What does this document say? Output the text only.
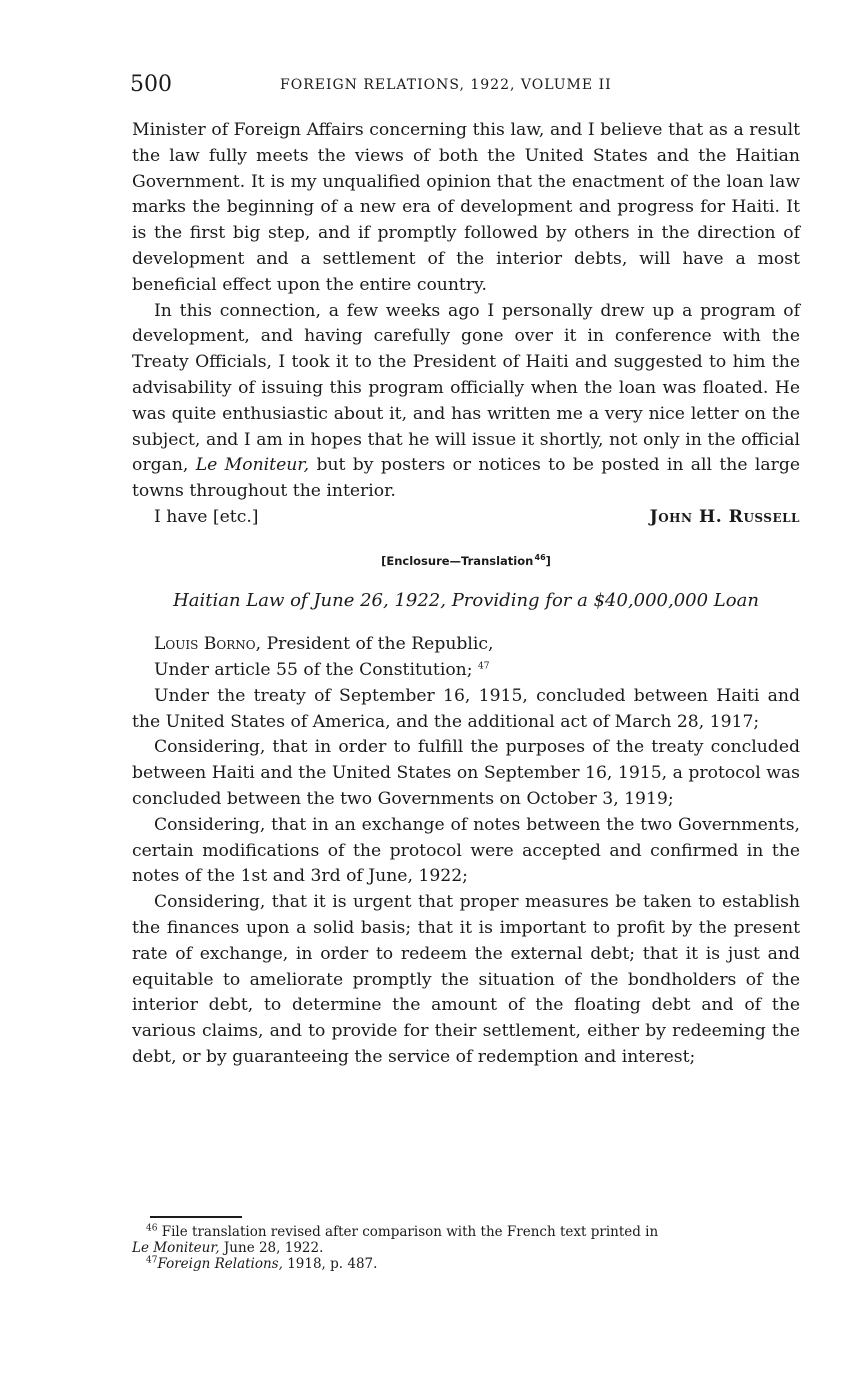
500	FOREIGN RELATIONS, 1922, VOLUME II

Minister of Foreign Affairs concerning this law, and I believe that as a result the law fully meets the views of both the United States and the Haitian Government. It is my unqualified opinion that the enactment of the loan law marks the beginning of a new era of development and progress for Haiti. It is the first big step, and if promptly followed by others in the direction of development and a settlement of the interior debts, will have a most beneficial effect upon the entire country.

In this connection, a few weeks ago I personally drew up a program of development, and having carefully gone over it in conference with the Treaty Officials, I took it to the President of Haiti and suggested to him the advisability of issuing this program officially when the loan was floated. He was quite enthusiastic about it, and has written me a very nice letter on the subject, and I am in hopes that he will issue it shortly, not only in the official organ, Le Moniteur, but by posters or notices to be posted in all the large towns throughout the interior.

I have [etc.]	John H. Russell
[Enclosure—Translation $^{46}$]
Haitian Law of June 26, 1922, Providing for a $40,000,000 Loan

Louis Borno, President of the Republic,

Under article 55 of the Constitution; $^{47}$

Under the treaty of September 16, 1915, concluded between Haiti and the United States of America, and the additional act of March 28, 1917;

Considering, that in order to fulfill the purposes of the treaty concluded between Haiti and the United States on September 16, 1915, a protocol was concluded between the two Governments on October 3, 1919;

Considering, that in an exchange of notes between the two Governments, certain modifications of the protocol were accepted and confirmed in the notes of the 1st and 3rd of June, 1922;

Considering, that it is urgent that proper measures be taken to establish the finances upon a solid basis; that it is important to profit by the present rate of exchange, in order to redeem the external debt; that it is just and equitable to ameliorate promptly the situation of the bondholders of the interior debt, to determine the amount of the floating debt and of the various claims, and to provide for their settlement, either by redeeming the debt, or by guaranteeing the service of redemption and interest;

$^{46}$ File translation revised after comparison with the French text printed in

Le Moniteur, June 28, 1922.

$^{47}$Foreign Relations, 1918, p. 487.
